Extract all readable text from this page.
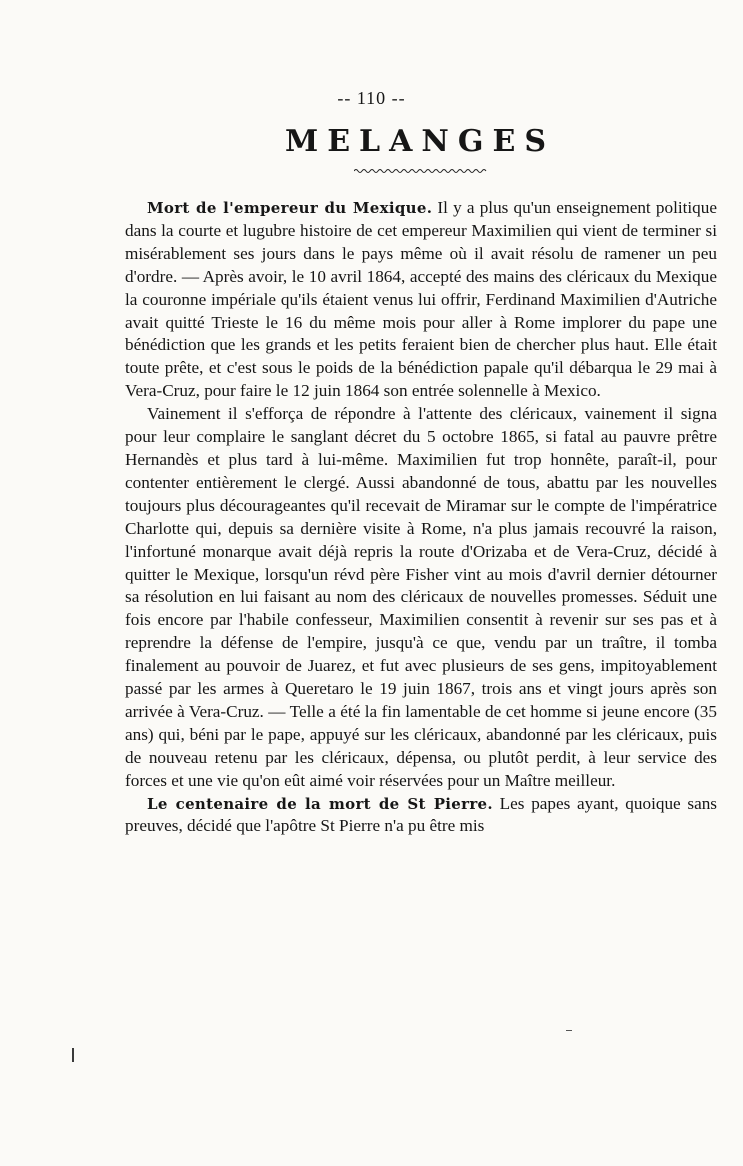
-- 110 --
MELANGES

Mort de l'empereur du Mexique. Il y a plus qu'un enseignement politique dans la courte et lugubre histoire de cet empereur Maximilien qui vient de terminer si misérablement ses jours dans le pays même où il avait résolu de ramener un peu d'ordre. — Après avoir, le 10 avril 1864, accepté des mains des cléricaux du Mexique la couronne impériale qu'ils étaient venus lui offrir, Ferdinand Maximilien d'Autriche avait quitté Trieste le 16 du même mois pour aller à Rome implorer du pape une bénédiction que les grands et les petits feraient bien de chercher plus haut. Elle était toute prête, et c'est sous le poids de la bénédiction papale qu'il débarqua le 29 mai à Vera-Cruz, pour faire le 12 juin 1864 son entrée solennelle à Mexico.

Vainement il s'efforça de répondre à l'attente des cléricaux, vainement il signa pour leur complaire le sanglant décret du 5 octobre 1865, si fatal au pauvre prêtre Hernandès et plus tard à lui-même. Maximilien fut trop honnête, paraît-il, pour contenter entièrement le clergé. Aussi abandonné de tous, abattu par les nouvelles toujours plus décourageantes qu'il recevait de Miramar sur le compte de l'impératrice Charlotte qui, depuis sa dernière visite à Rome, n'a plus jamais recouvré la raison, l'infortuné monarque avait déjà repris la route d'Orizaba et de Vera-Cruz, décidé à quitter le Mexique, lorsqu'un révd père Fisher vint au mois d'avril dernier détourner sa résolution en lui faisant au nom des cléricaux de nouvelles promesses. Séduit une fois encore par l'habile confesseur, Maximilien consentit à revenir sur ses pas et à reprendre la défense de l'empire, jusqu'à ce que, vendu par un traître, il tomba finalement au pouvoir de Juarez, et fut avec plusieurs de ses gens, impitoyablement passé par les armes à Queretaro le 19 juin 1867, trois ans et vingt jours après son arrivée à Vera-Cruz. — Telle a été la fin lamentable de cet homme si jeune encore (35 ans) qui, béni par le pape, appuyé sur les cléricaux, abandonné par les cléricaux, puis de nouveau retenu par les cléricaux, dépensa, ou plutôt perdit, à leur service des forces et une vie qu'on eût aimé voir réservées pour un Maître meilleur.

Le centenaire de la mort de St Pierre. Les papes ayant, quoique sans preuves, décidé que l'apôtre St Pierre n'a pu être mis
